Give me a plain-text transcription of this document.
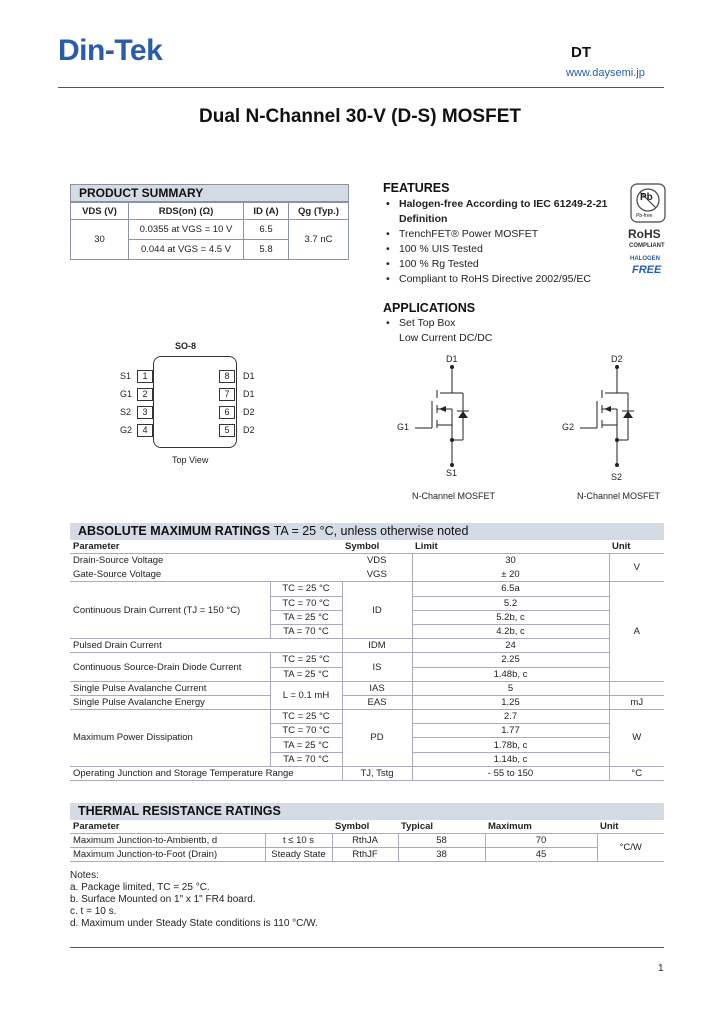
Din-Tek	DT
www.daysemi.jp
Dual N-Channel 30-V (D-S) MOSFET
PRODUCT SUMMARY
VDS (V)	RDS(on) (Ω)	ID (A)	Qg (Typ.)
30	0.0355 at VGS = 10 V	6.5	3.7 nC
	0.044 at VGS = 4.5 V	5.8	
FEATURES
• Halogen-free According to IEC 61249-2-21
Definition
• TrenchFET® Power MOSFET
• 100 % UIS Tested
• 100 % Rg Tested
• Compliant to RoHS Directive 2002/95/EC
Pb
Pb-free
RoHS
COMPLIANT
HALOGEN
FREE
APPLICATIONS
• Set Top Box
Low Current DC/DC
SO-8
1
2
3
4
8
7
6
5
S1
G1
S2
G2
D1
D1
D2
D2
Top View
D1
G1
S1
N-Channel MOSFET
D2
G2
S2
N-Channel MOSFET
ABSOLUTE MAXIMUM RATINGS TA = 25 °C, unless otherwise noted
Parameter		Symbol	Limit	Unit
Drain-Source Voltage		VDS	30	V
Gate-Source Voltage		VGS	± 20	
Continuous Drain Current (TJ = 150 °C)	TC = 25 °C	ID	6.5a	A
	TC = 70 °C		5.2	
	TA = 25 °C		5.2b, c	
	TA = 70 °C		4.2b, c	
Pulsed Drain Current		IDM	24	
Continuous Source-Drain Diode Current	TC = 25 °C	IS	2.25	
	TA = 25 °C		1.48b, c	
Single Pulse Avalanche Current	L = 0.1 mH	IAS	5	
Single Pulse Avalanche Energy		EAS	1.25	mJ
Maximum Power Dissipation	TC = 25 °C	PD	2.7	W
	TC = 70 °C		1.77	
	TA = 25 °C		1.78b, c	
	TA = 70 °C		1.14b, c	
Operating Junction and Storage Temperature Range		TJ, Tstg	- 55 to 150	°C
THERMAL RESISTANCE RATINGS
Parameter		Symbol	Typical	Maximum	Unit
Maximum Junction-to-Ambientb, d	t ≤ 10 s	RthJA	58	70	°C/W
Maximum Junction-to-Foot (Drain)	Steady State	RthJF	38	45	
Notes:
a. Package limited, TC = 25 °C.
b. Surface Mounted on 1" x 1" FR4 board.
c. t = 10 s.
d. Maximum under Steady State conditions is 110 °C/W.
1
